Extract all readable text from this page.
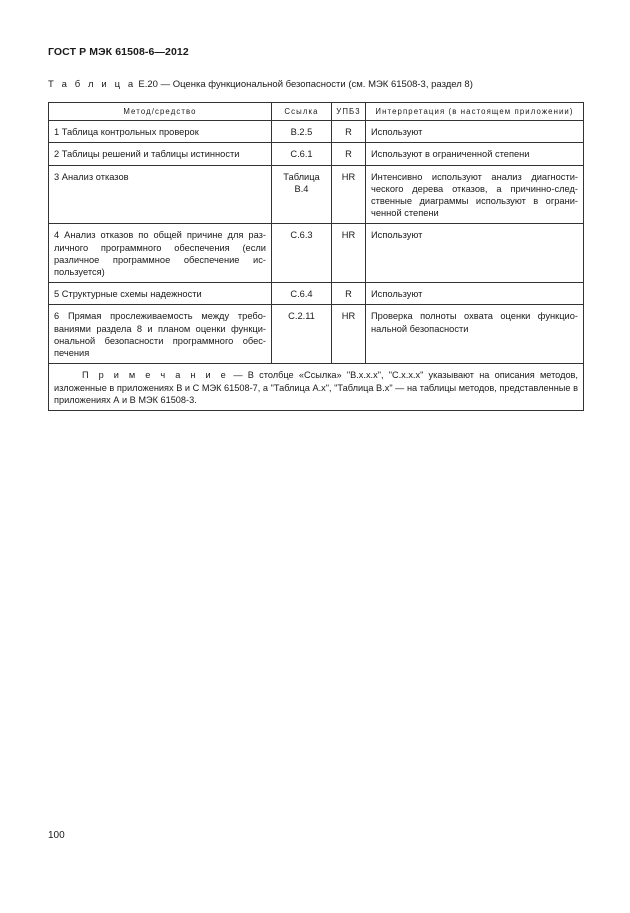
ГОСТ Р МЭК 61508-6—2012
Т а б л и ц а Е.20 — Оценка функциональной безопасности (см. МЭК 61508-3, раздел 8)
Метод/средство	Ссылка	УПБ3	Интерпретация (в настоящем приложении)
1 Таблица контрольных проверок	B.2.5	R	Используют
2 Таблицы решений и таблицы истинности	C.6.1	R	Используют в ограниченной степени
3 Анализ отказов	Таблица B.4	HR	Интенсивно используют анализ диагности-ческого дерева отказов, а причинно-след-ственные диаграммы используют в ограни-ченной степени
4 Анализ отказов по общей причине для раз-личного программного обеспечения (если различное программное обеспечение ис-пользуется)	C.6.3	HR	Используют
5 Структурные схемы надежности	C.6.4	R	Используют
6 Прямая прослеживаемость между требо-ваниями раздела 8 и планом оценки функци-ональной безопасности программного обес-печения	C.2.11	HR	Проверка полноты охвата оценки функцио-нальной безопасности

П р и м е ч а н и е — В столбце «Ссылка» "B.x.x.x", "C.x.x.x" указывают на описания методов, изложенные в приложениях В и С МЭК 61508-7, а "Таблица А.х", "Таблица В.х" — на таблицы методов, представленные в приложениях А и В МЭК 61508-3.			
100
